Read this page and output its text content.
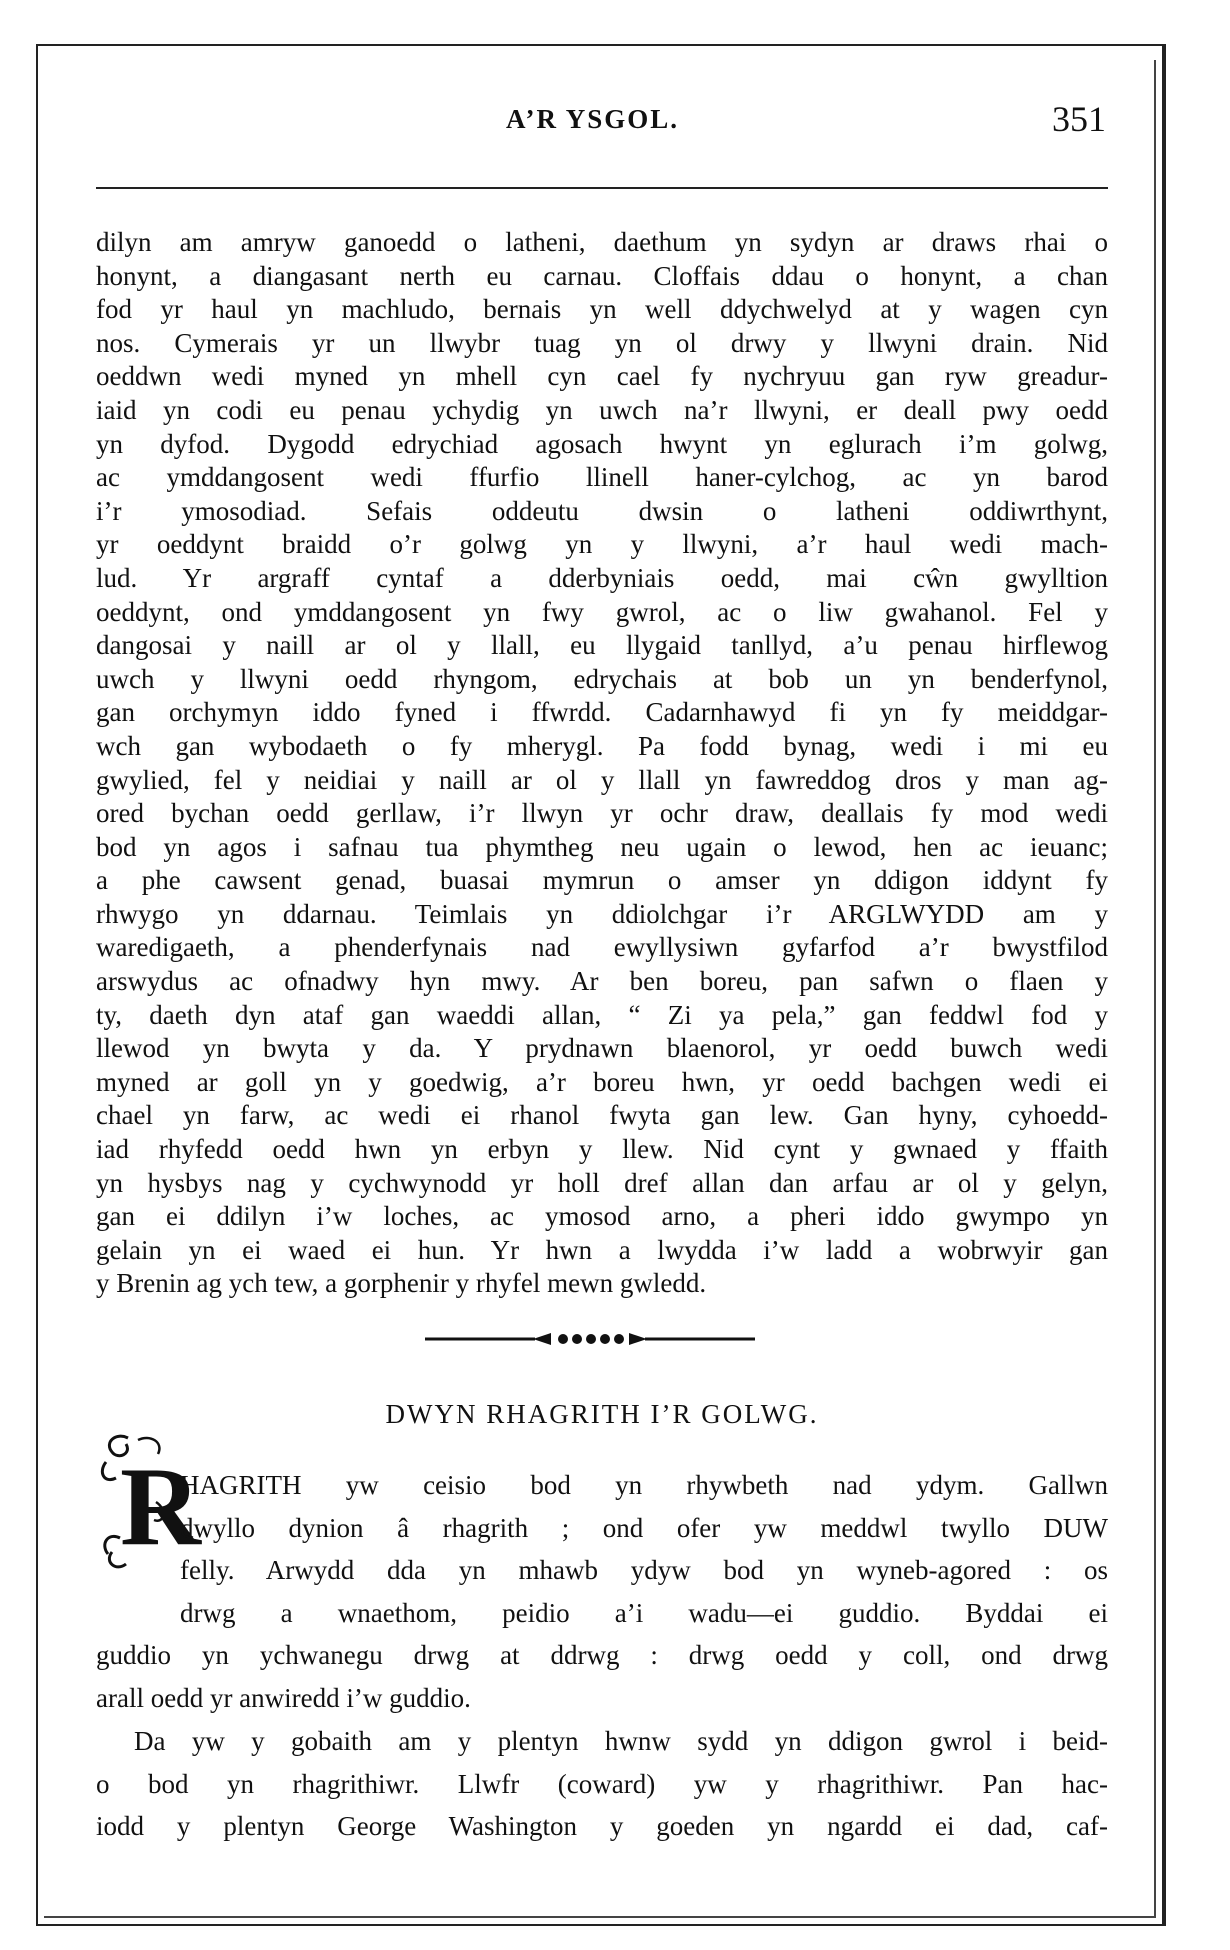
A’R YSGOL.	351
dilyn am amryw ganoedd o latheni, daethum yn sydyn ar draws rhai o
honynt, a diangasant nerth eu carnau. Cloffais ddau o honynt, a chan
fod yr haul yn machludo, bernais yn well ddychwelyd at y wagen cyn
nos. Cymerais yr un llwybr tuag yn ol drwy y llwyni drain. Nid
oeddwn wedi myned yn mhell cyn cael fy nychryuu gan ryw greadur-
iaid yn codi eu penau ychydig yn uwch na’r llwyni, er deall pwy oedd
yn dyfod. Dygodd edrychiad agosach hwynt yn eglurach i’m golwg,
ac ymddangosent wedi ffurfio llinell haner-cylchog, ac yn barod
i’r ymosodiad. Sefais oddeutu dwsin o latheni oddiwrthynt,
yr oeddynt braidd o’r golwg yn y llwyni, a’r haul wedi mach-
lud. Yr argraff cyntaf a dderbyniais oedd, mai cŵn gwylltion
oeddynt, ond ymddangosent yn fwy gwrol, ac o liw gwahanol. Fel y
dangosai y naill ar ol y llall, eu llygaid tanllyd, a’u penau hirflewog
uwch y llwyni oedd rhyngom, edrychais at bob un yn benderfynol,
gan orchymyn iddo fyned i ffwrdd. Cadarnhawyd fi yn fy meiddgar-
wch gan wybodaeth o fy mherygl. Pa fodd bynag, wedi i mi eu
gwylied, fel y neidiai y naill ar ol y llall yn fawreddog dros y man ag-
ored bychan oedd gerllaw, i’r llwyn yr ochr draw, deallais fy mod wedi
bod yn agos i safnau tua phymtheg neu ugain o lewod, hen ac ieuanc;
a phe cawsent genad, buasai mymrun o amser yn ddigon iddynt fy
rhwygo yn ddarnau. Teimlais yn ddiolchgar i’r ARGLWYDD am y
waredigaeth, a phenderfynais nad ewyllysiwn gyfarfod a’r bwystfilod
arswydus ac ofnadwy hyn mwy. Ar ben boreu, pan safwn o flaen y
ty, daeth dyn ataf gan waeddi allan, “ Zi ya pela,” gan feddwl fod y
llewod yn bwyta y da. Y prydnawn blaenorol, yr oedd buwch wedi
myned ar goll yn y goedwig, a’r boreu hwn, yr oedd bachgen wedi ei
chael yn farw, ac wedi ei rhanol fwyta gan lew. Gan hyny, cyhoedd-
iad rhyfedd oedd hwn yn erbyn y llew. Nid cynt y gwnaed y ffaith
yn hysbys nag y cychwynodd yr holl dref allan dan arfau ar ol y gelyn,
gan ei ddilyn i’w loches, ac ymosod arno, a pheri iddo gwympo yn
gelain yn ei waed ei hun. Yr hwn a lwydda i’w ladd a wobrwyir gan
y Brenin ag ych tew, a gorphenir y rhyfel mewn gwledd.
DWYN RHAGRITH I’R GOLWG.
R
HAGRITH yw ceisio bod yn rhywbeth nad ydym. Gallwn
dwyllo dynion â rhagrith ; ond ofer yw meddwl twyllo DUW
felly. Arwydd dda yn mhawb ydyw bod yn wyneb-agored : os
drwg a wnaethom, peidio a’i wadu—ei guddio. Byddai ei
guddio yn ychwanegu drwg at ddrwg : drwg oedd y coll, ond drwg
arall oedd yr anwiredd i’w guddio.
Da yw y gobaith am y plentyn hwnw sydd yn ddigon gwrol i beid-
o bod yn rhagrithiwr. Llwfr (coward) yw y rhagrithiwr. Pan hac-
iodd y plentyn George Washington y goeden yn ngardd ei dad, caf-
